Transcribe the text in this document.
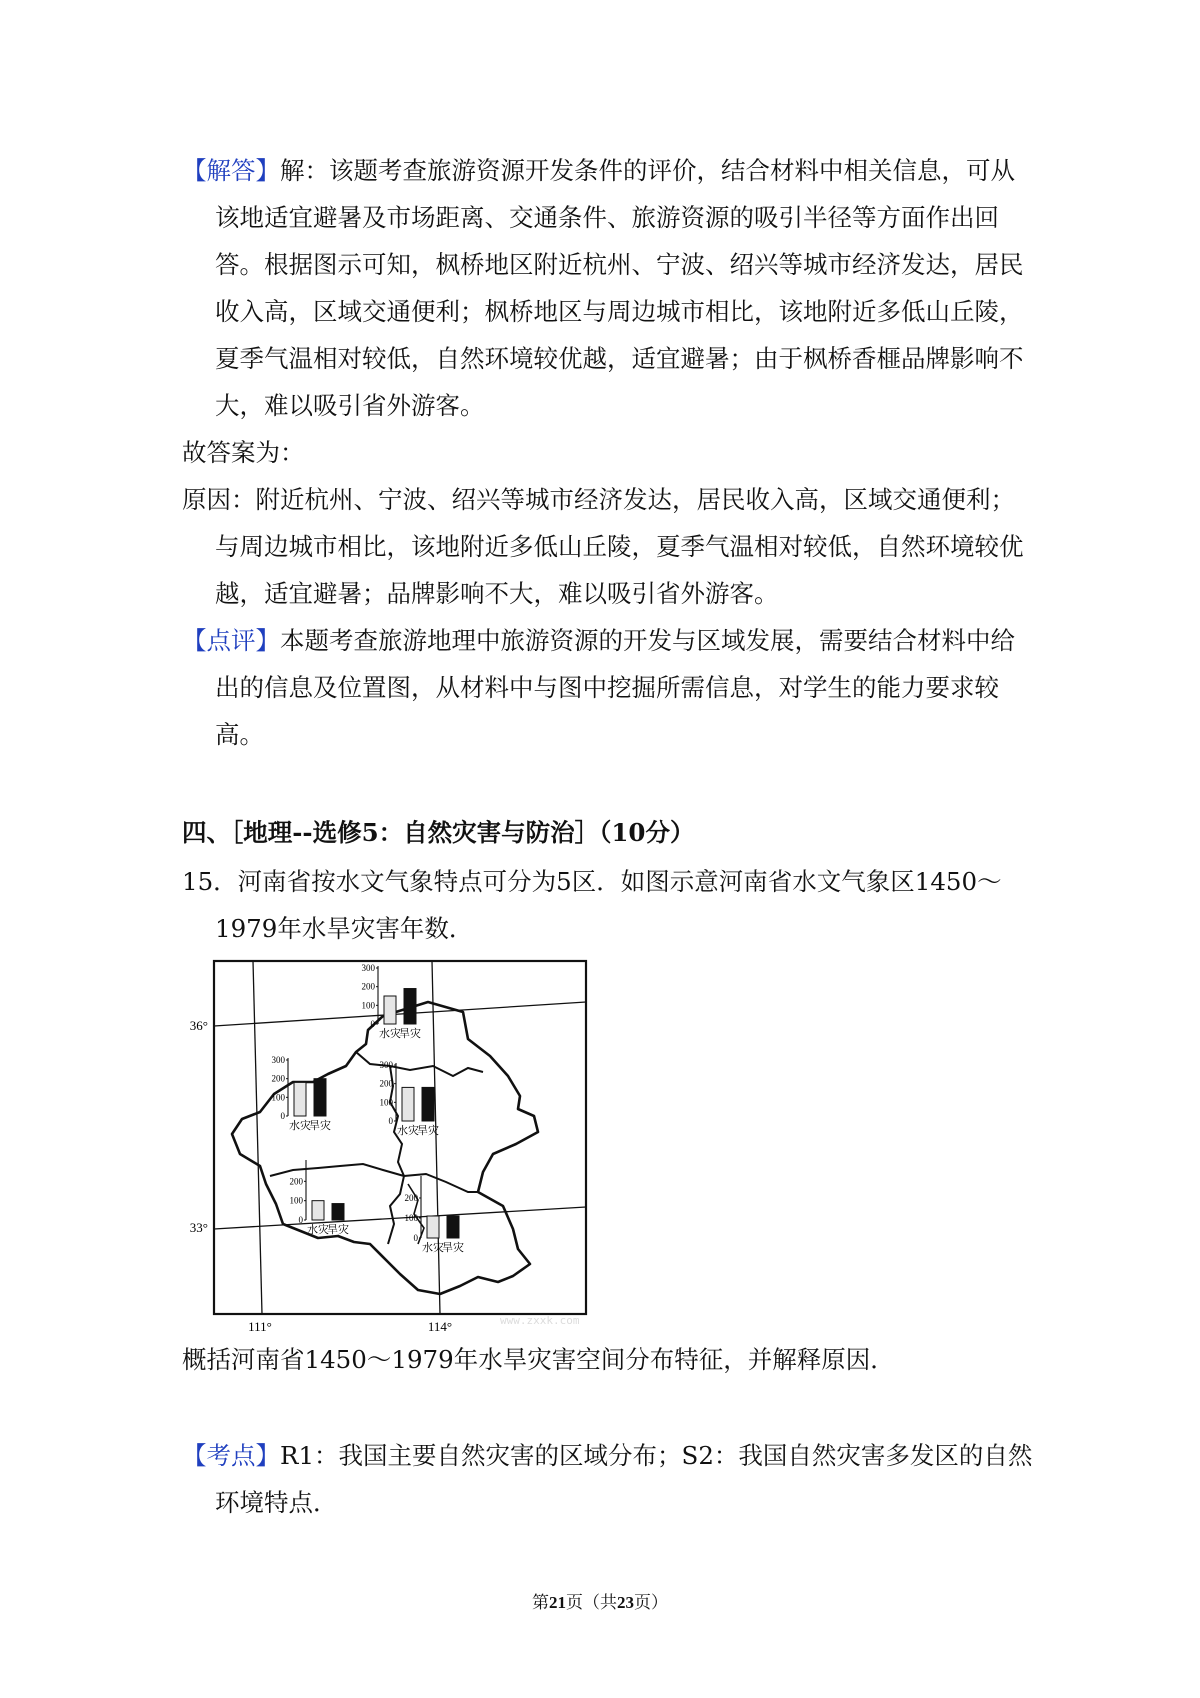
【解答】解：该题考查旅游资源开发条件的评价，结合材料中相关信息，可从
该地适宜避暑及市场距离、交通条件、旅游资源的吸引半径等方面作出回
答。根据图示可知，枫桥地区附近杭州、宁波、绍兴等城市经济发达，居民
收入高，区域交通便利；枫桥地区与周边城市相比，该地附近多低山丘陵，
夏季气温相对较低，自然环境较优越，适宜避暑；由于枫桥香榧品牌影响不
大，难以吸引省外游客。
故答案为：
原因：附近杭州、宁波、绍兴等城市经济发达，居民收入高，区域交通便利；
与周边城市相比，该地附近多低山丘陵，夏季气温相对较低，自然环境较优
越，适宜避暑；品牌影响不大，难以吸引省外游客。
【点评】本题考查旅游地理中旅游资源的开发与区域发展，需要结合材料中给
出的信息及位置图，从材料中与图中挖掘所需信息，对学生的能力要求较
高。
四、［地理--选修5：自然灾害与防治］（10分）
15．河南省按水文气象特点可分为5区．如图示意河南省水文气象区1450～
1979年水旱灾害年数．
36°
33°
111°	114°
300
200
100
0
水灾
旱灾
300
200
100
0
水灾
旱灾
300
200
100
0
水灾
旱灾
200
100
0
水灾
旱灾
200
100
0
水灾
旱灾
www.zxxk.com
概括河南省1450～1979年水旱灾害空间分布特征，并解释原因．
【考点】R1：我国主要自然灾害的区域分布；S2：我国自然灾害多发区的自然
环境特点．
第21页（共23页）
